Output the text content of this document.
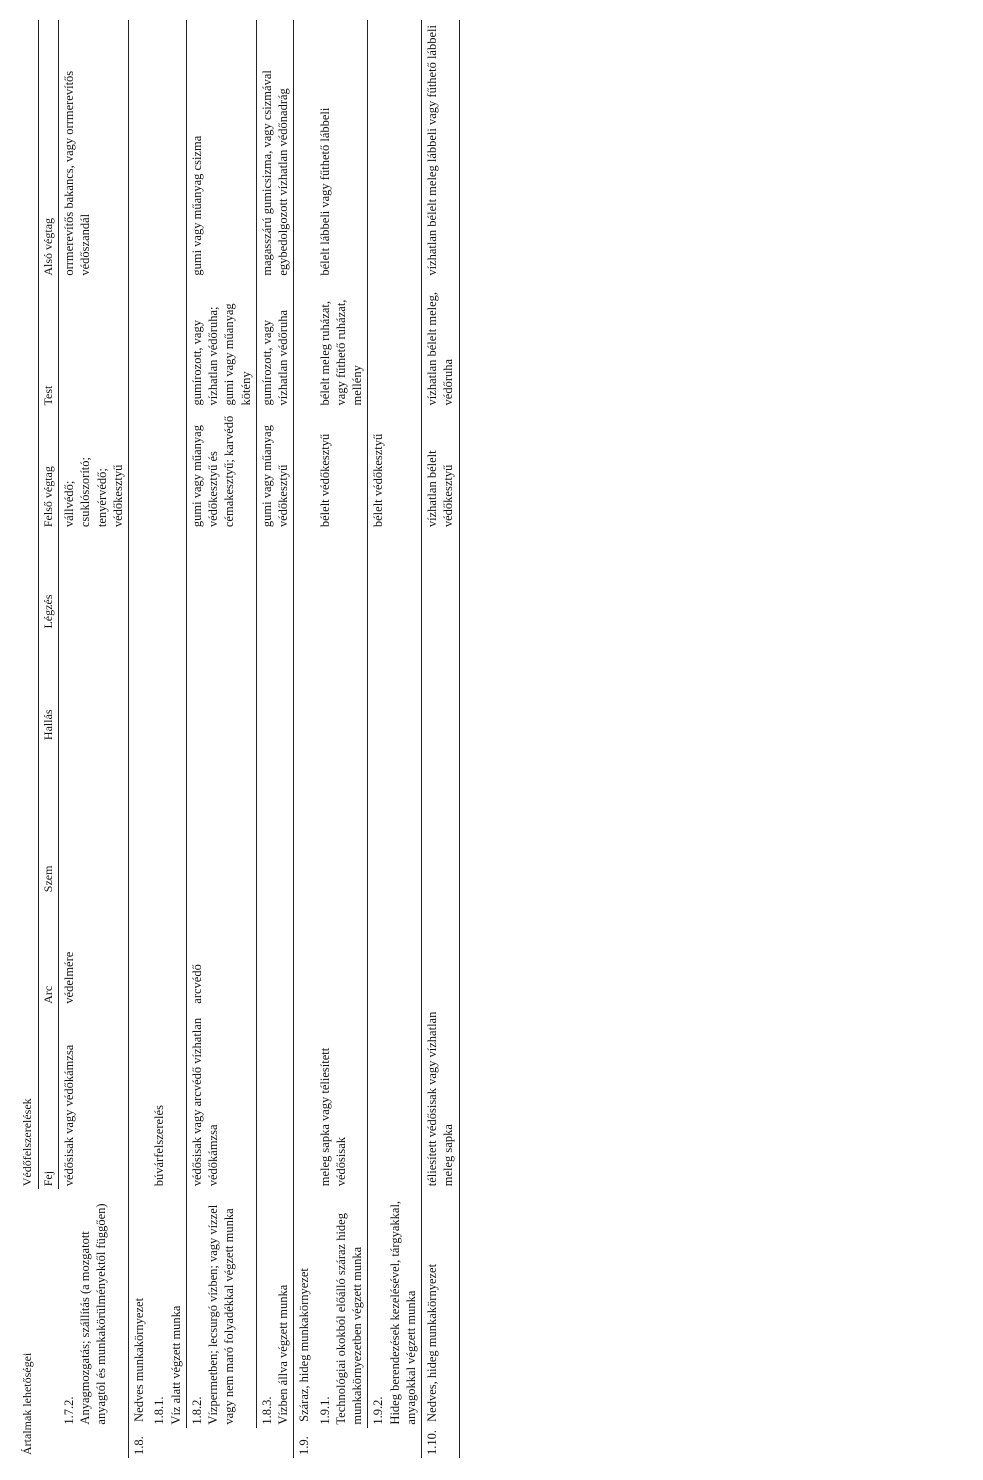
Ártalmak lehetőségei		Védőfelszerelések							
		Fej	Arc	Szem	Hallás	Légzés	Felső végtag	Test	Alsó végtag

	1.7.2. Anyagmozgatás; szállítás (a mozgatott anyagtól és munkakörülményektől függően)	védősisak vagy védőkámzsa	védelmére				vállvédő; csuklószorító; tenyérvédő; védőkesztyű		orrmerevítős bakancs, vagy orrmerevítős védőszandál
1.8. Nedves munkakörnyezet									

	1.8.1. Víz alatt végzett munka	búvárfelszerelés							

	1.8.2. Vízpermetben; lecsurgó vízben; vagy vízzel vagy nem maró folyadékkal végzett munka	védősisak vagy arcvédő vízhatlan védőkámzsa	arcvédő				gumi vagy műanyag védőkesztyű és cémakesztyű; karvédő	gumírozott, vagy vízhatlan védőruha; gumi vagy műanyag kötény	gumi vagy műanyag csizma

	1.8.3. Vízben állva végzett munka						gumi vagy műanyag védőkesztyű	gumírozott, vagy vízhatlan védőruha	magasszárú gumicsizma, vagy csizmával egybedolgozott vízhatlan védőnadrág
1.9. Száraz, hideg munkakörnyezet									

	1.9.1. Technológiai okokból előálló száraz hideg munkakörnyezetben végzett munka	meleg sapka vagy téliesített védősisak					bélelt védőkesztyű	bélelt meleg ruházat, vagy fűthető ruházat, mellény	bélelt lábbeli vagy fűthető lábbeli

	1.9.2. Hideg berendezések kezelésével, tárgyakkal, anyagokkal végzett munka						bélelt védőkesztyű		
1.10. Nedves, hideg munkakörnyezet		téliesített védősisak vagy vízhatlan meleg sapka					vízhatlan bélelt védőkesztyű	vízhatlan bélelt meleg, védőruha	vízhatlan bélelt meleg lábbeli vagy fűthető lábbeli
